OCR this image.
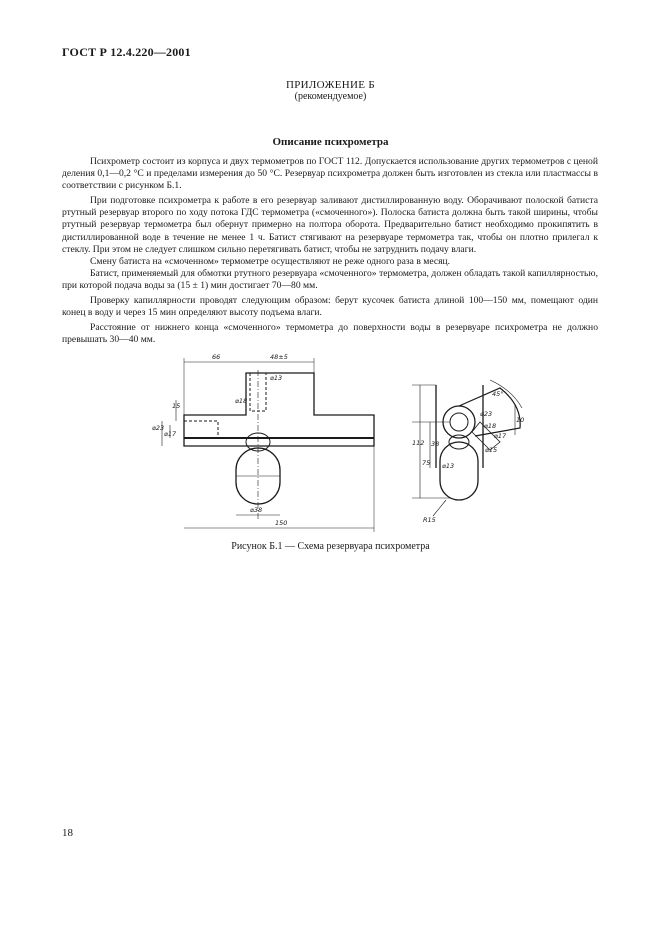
ГОСТ Р 12.4.220—2001
ПРИЛОЖЕНИЕ Б
(рекомендуемое)
Описание психрометра

Психрометр состоит из корпуса и двух термометров по ГОСТ 112. Допускается использование других термометров с ценой деления 0,1—0,2 °С и пределами измерения до 50 °С. Резервуар психрометра должен быть изготовлен из стекла или пластмассы в соответствии с рисунком Б.1.

При подготовке психрометра к работе в его резервуар заливают дистиллированную воду. Оборачивают полоской батиста ртутный резервуар второго по ходу потока ГДС термометра («смоченного»). Полоска батиста должна быть такой ширины, чтобы ртутный резервуар термометра был обернут примерно на полтора оборота. Предварительно батист необходимо прокипятить в дистиллированной воде в течение не менее 1 ч. Батист стягивают на резервуаре термометра так, чтобы он плотно прилегал к стеклу. При этом не следует слишком сильно перетягивать батист, чтобы не затруднить подачу влаги.

Смену батиста на «смоченном» термометре осуществляют не реже одного раза в месяц.

Батист, применяемый для обмотки ртутного резервуара «смоченного» термометра, должен обладать такой капиллярностью, при которой подача воды за (15 ± 1) мин достигает 70—80 мм.

Проверку капиллярности проводят следующим образом: берут кусочек батиста длиной 100—150 мм, помещают один конец в воду и через 15 мин определяют высоту подъема влаги.

Расстояние от нижнего конца «смоченного» термометра до поверхности воды в резервуаре психрометра не должно превышать 30—40 мм.

66	48±5
⌀13
⌀18
15
⌀23
⌀17
⌀38
150
112
75
38
⌀13
R15
45°
⌀23
⌀18
⌀17
⌀15
10
Рисунок Б.1 — Схема резервуара психрометра
18
